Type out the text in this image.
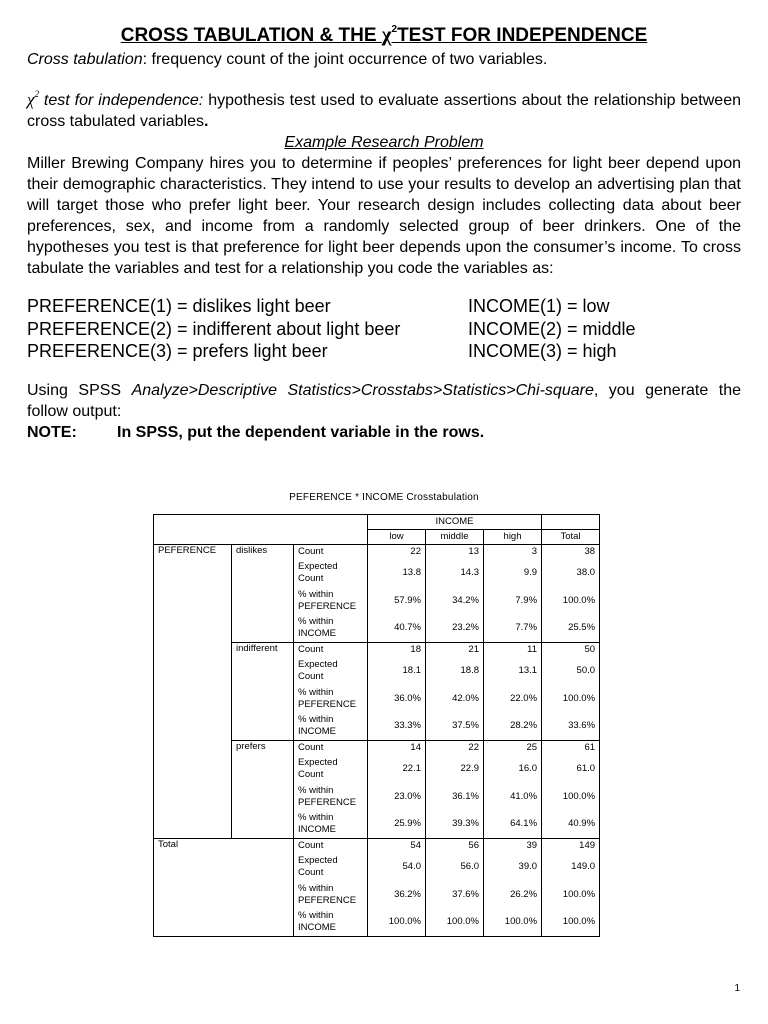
CROSS TABULATION & THE $\chi^2TEST$ FOR INDEPENDENCE

Cross tabulation: frequency count of the joint occurrence of two variables.

$\chi^2$ test for independence: hypothesis test used to evaluate assertions about the relationship between cross tabulated variables.

Example Research Problem

Miller Brewing Company hires you to determine if peoples’ preferences for light beer depend upon their demographic characteristics. They intend to use your results to develop an advertising plan that will target those who prefer light beer. Your research design includes collecting data about beer preferences, sex, and income from a randomly selected group of beer drinkers. One of the hypotheses you test is that preference for light beer depends upon the consumer’s income. To cross tabulate the variables and test for a relationship you code the variables as:

PREFERENCE(1) = dislikes light beer	INCOME(1) = low
PREFERENCE(2) = indifferent about light beer	INCOME(2) = middle
PREFERENCE(3) = prefers light beer	INCOME(3) = high

Using SPSS Analyze>Descriptive Statistics>Crosstabs>Statistics>Chi-square, you generate the follow output:

NOTE:	In SPSS, put the dependent variable in the rows.

PEFERENCE * INCOME Crosstabulation
			INCOME			
			low	middle	high	Total
PEFERENCE	dislikes	Count	22	13	3	38
		Expected Count	13.8	14.3	9.9	38.0
		% within PEFERENCE	57.9%	34.2%	7.9%	100.0%
		% within INCOME	40.7%	23.2%	7.7%	25.5%
	indifferent	Count	18	21	11	50
		Expected Count	18.1	18.8	13.1	50.0
		% within PEFERENCE	36.0%	42.0%	22.0%	100.0%
		% within INCOME	33.3%	37.5%	28.2%	33.6%
	prefers	Count	14	22	25	61
		Expected Count	22.1	22.9	16.0	61.0
		% within PEFERENCE	23.0%	36.1%	41.0%	100.0%
		% within INCOME	25.9%	39.3%	64.1%	40.9%
Total		Count	54	56	39	149
		Expected Count	54.0	56.0	39.0	149.0
		% within PEFERENCE	36.2%	37.6%	26.2%	100.0%
		% within INCOME	100.0%	100.0%	100.0%	100.0%
1
